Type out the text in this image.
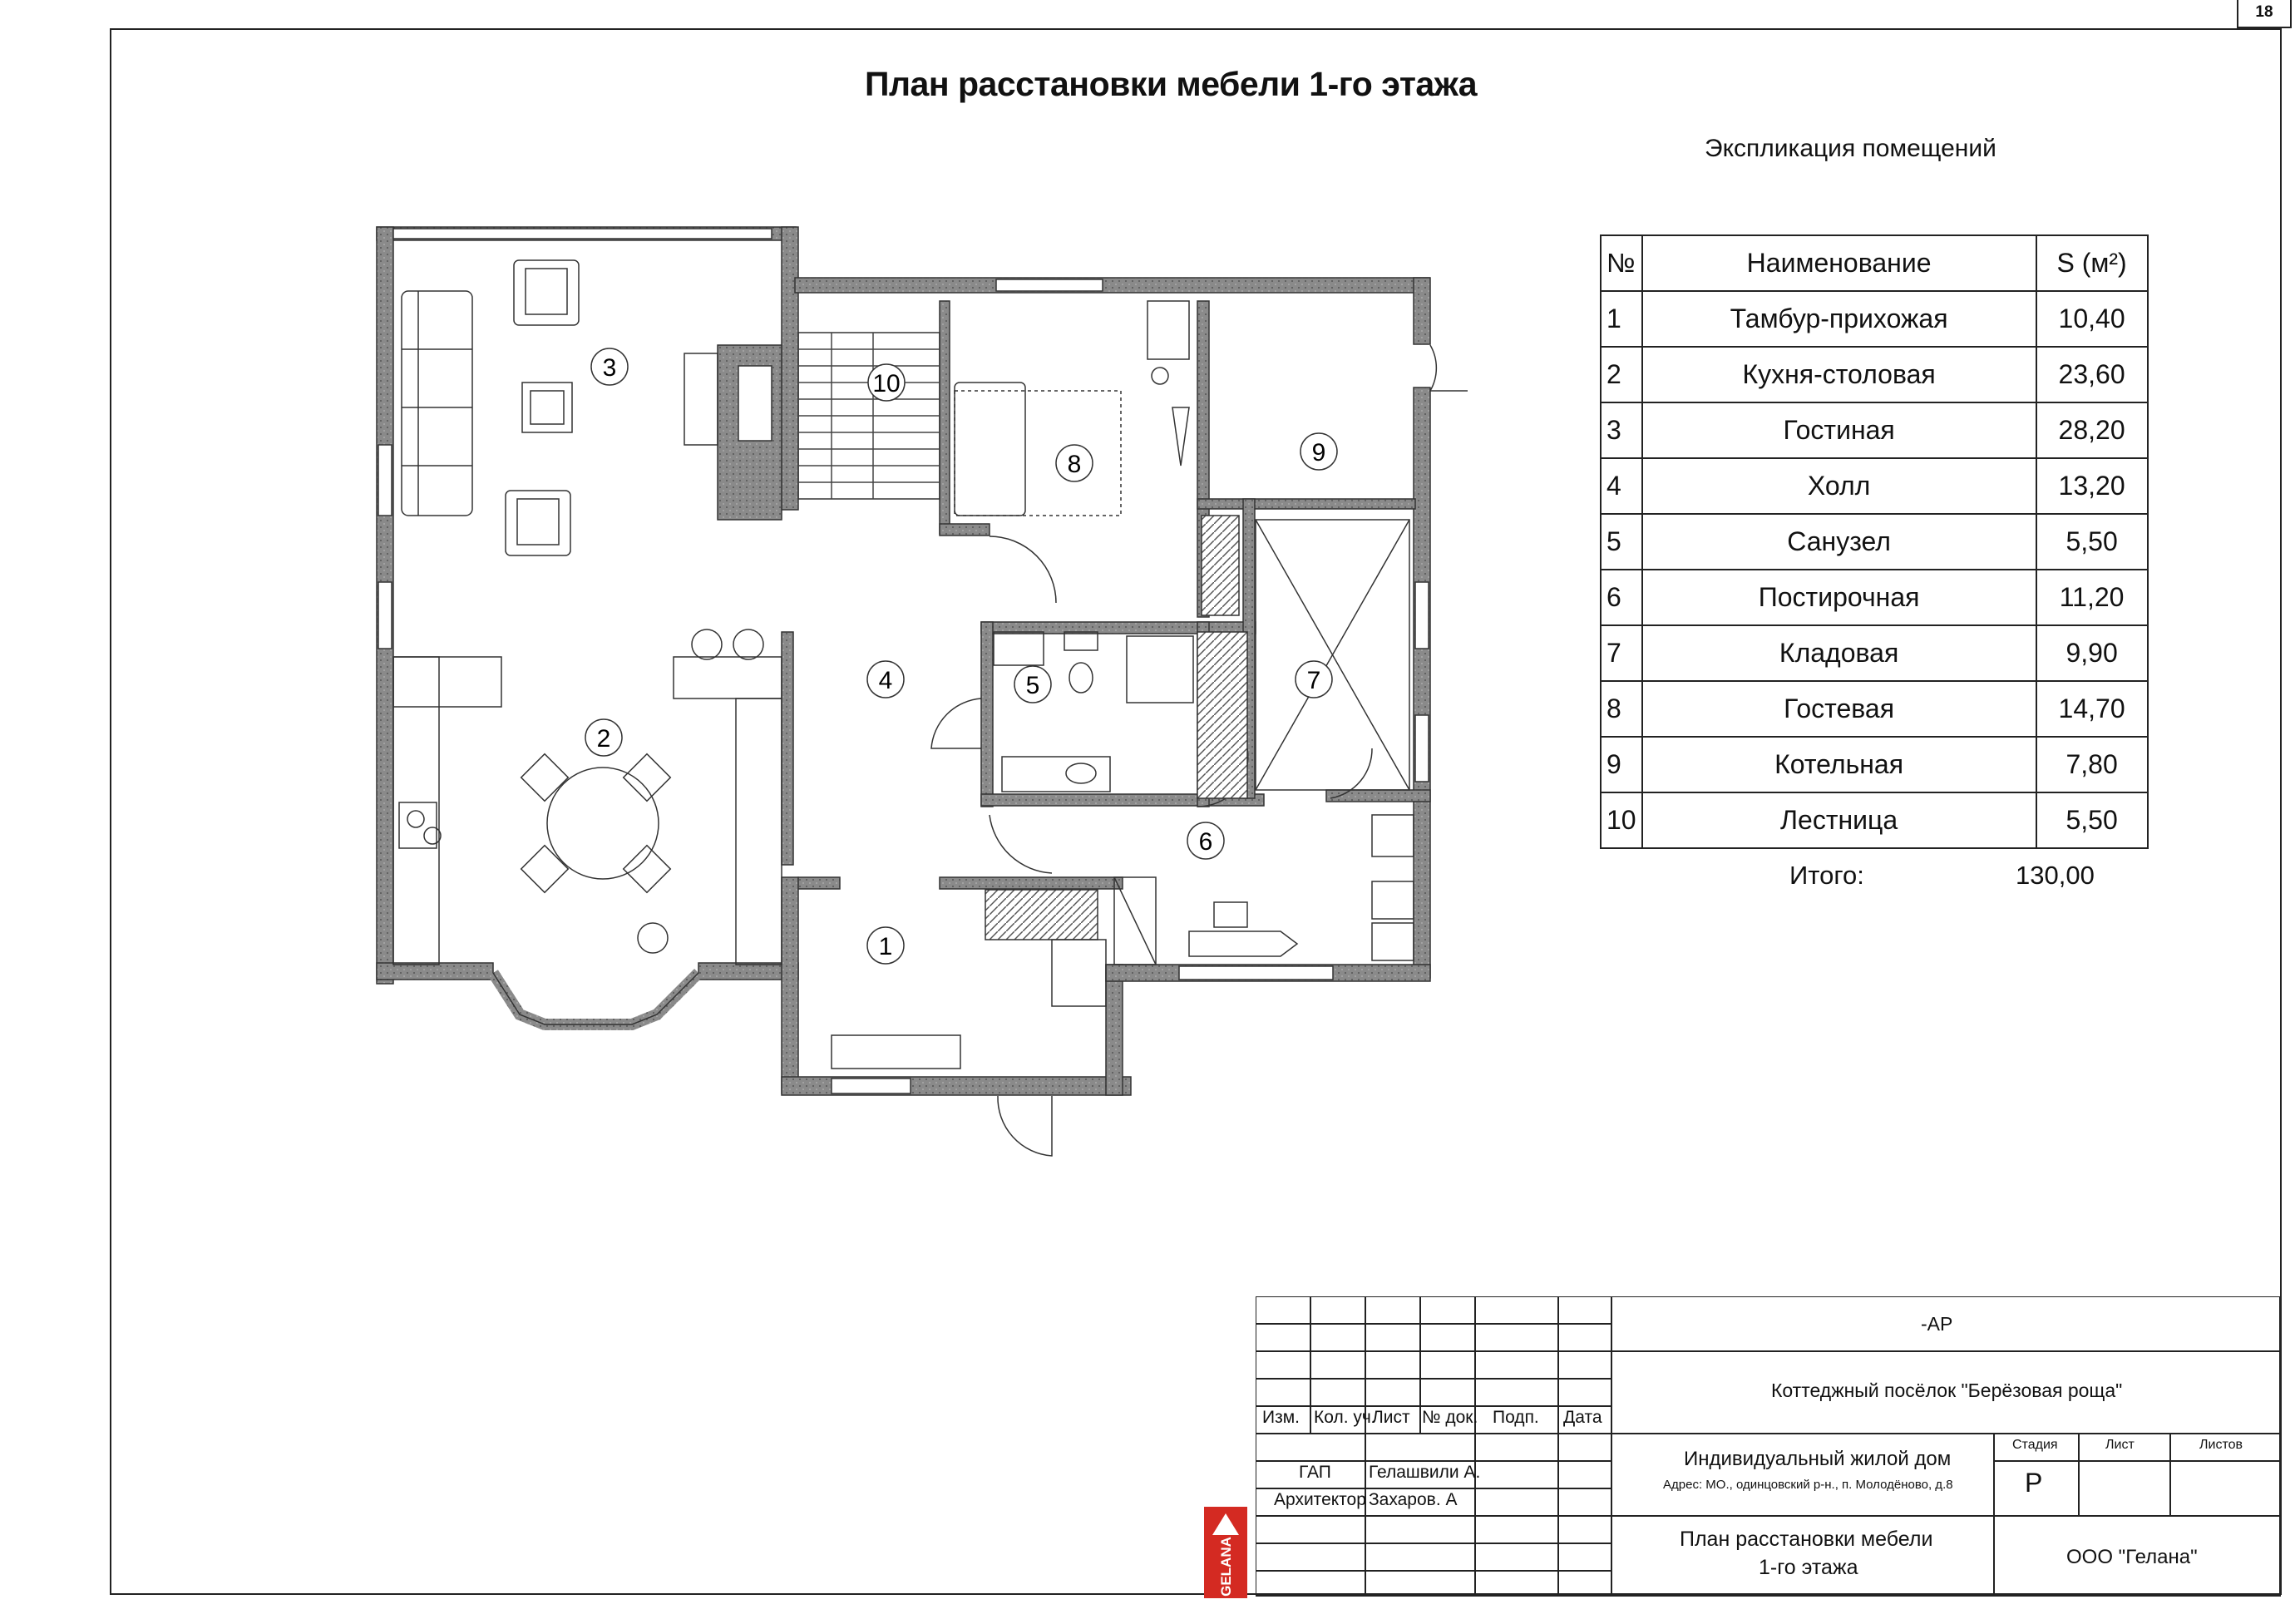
18
План расстановки мебели 1-го этажа
1
2
3
4	5
6
7
8	9
10
Экспликация помещений
№	Наименование	S (м²)
1	Тамбур-прихожая	10,40
2	Кухня-столовая	23,60
3	Гостиная	28,20
4	Холл	13,20
5	Санузел	5,50
6	Постирочная	11,20
7	Кладовая	9,90
8	Гостевая	14,70
9	Котельная	7,80
10	Лестница	5,50
Итого:	130,00
Изм. Кол. уч.
Лист № док. Подп. Дата
ГАП Гелашвили А.
Архитектор Захаров. А
-АР
Коттеджный посёлок "Берёзовая роща"
Индивидуальный жилой дом
Адрес: МО., одинцовский р-н., п. Молодёново, д.8
План расстановки мебели
1-го этажа
Стадия	Лист	Листов
Р
ООО "Гелана"
GELANA
